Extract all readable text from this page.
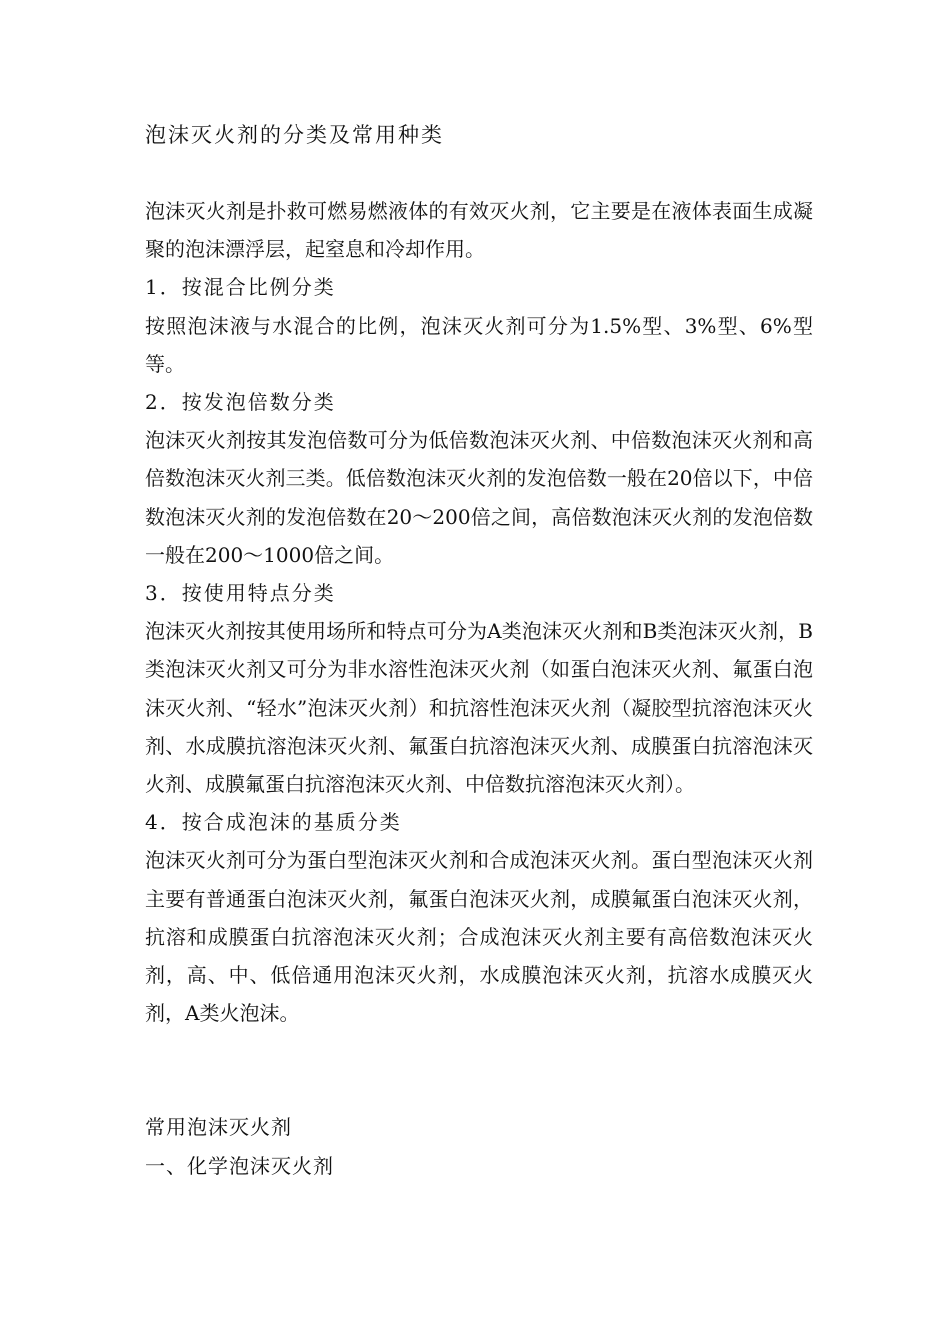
泡沫灭火剂的分类及常用种类

泡沫灭火剂是扑救可燃易燃液体的有效灭火剂，它主要是在液体表面生成凝聚的泡沫漂浮层，起窒息和冷却作用。

1．按混合比例分类

按照泡沫液与水混合的比例，泡沫灭火剂可分为1.5%型、3%型、6%型等。

2．按发泡倍数分类

泡沫灭火剂按其发泡倍数可分为低倍数泡沫灭火剂、中倍数泡沫灭火剂和高倍数泡沫灭火剂三类。低倍数泡沫灭火剂的发泡倍数一般在20倍以下，中倍数泡沫灭火剂的发泡倍数在20～200倍之间，高倍数泡沫灭火剂的发泡倍数一般在200～1000倍之间。

3．按使用特点分类

泡沫灭火剂按其使用场所和特点可分为A类泡沫灭火剂和B类泡沫灭火剂，B类泡沫灭火剂又可分为非水溶性泡沫灭火剂（如蛋白泡沫灭火剂、氟蛋白泡沫灭火剂、“轻水”泡沫灭火剂）和抗溶性泡沫灭火剂（凝胶型抗溶泡沫灭火剂、水成膜抗溶泡沫灭火剂、氟蛋白抗溶泡沫灭火剂、成膜蛋白抗溶泡沫灭火剂、成膜氟蛋白抗溶泡沫灭火剂、中倍数抗溶泡沫灭火剂）。

4．按合成泡沫的基质分类

泡沫灭火剂可分为蛋白型泡沫灭火剂和合成泡沫灭火剂。蛋白型泡沫灭火剂主要有普通蛋白泡沫灭火剂，氟蛋白泡沫灭火剂，成膜氟蛋白泡沫灭火剂，抗溶和成膜蛋白抗溶泡沫灭火剂；合成泡沫灭火剂主要有高倍数泡沫灭火剂，高、中、低倍通用泡沫灭火剂，水成膜泡沫灭火剂，抗溶水成膜灭火剂，A类火泡沫。

常用泡沫灭火剂

一、化学泡沫灭火剂
